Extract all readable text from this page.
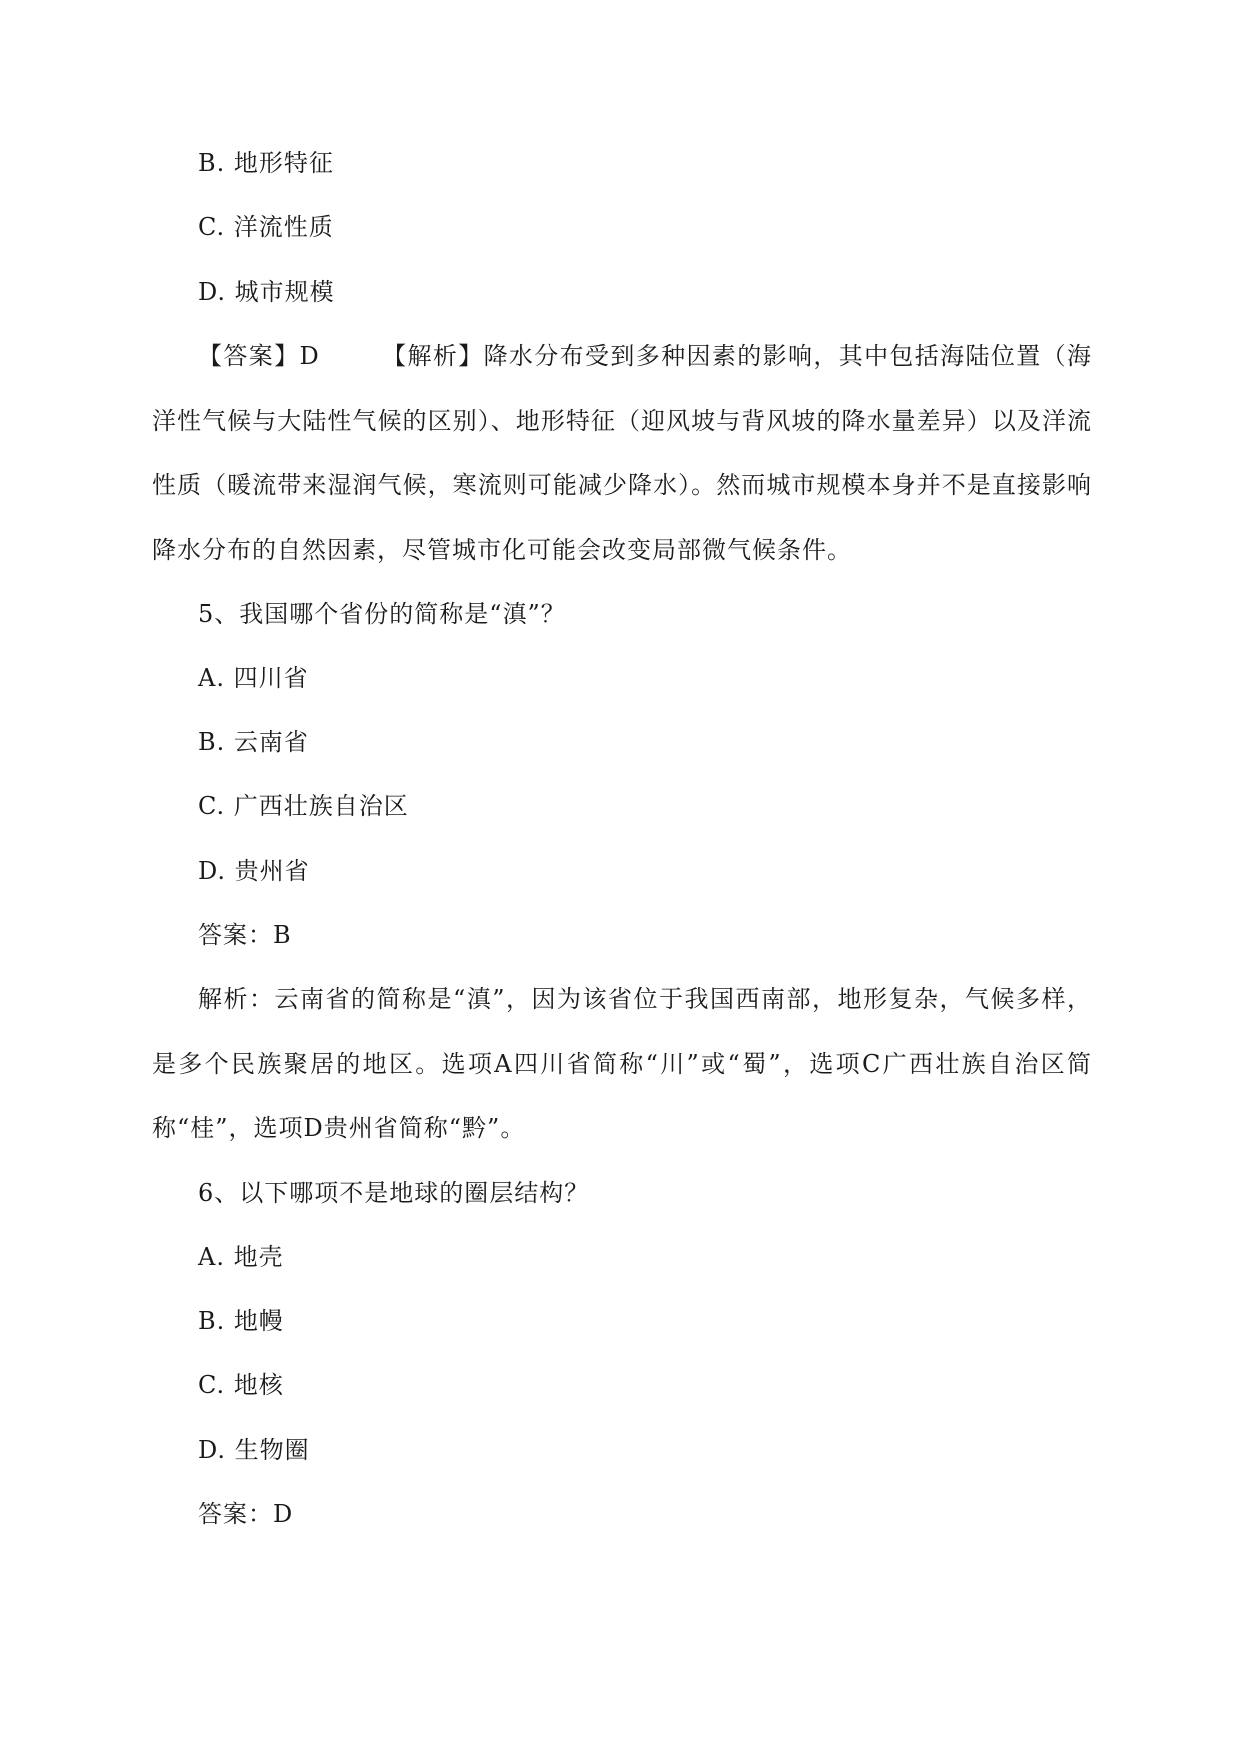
B. 地形特征
C. 洋流性质
D. 城市规模
【答案】D	【解析】降水分布受到多种因素的影响，其中包括海陆位置（海洋性气候与大陆性气候的区别）、地形特征（迎风坡与背风坡的降水量差异）以及洋流性质（暖流带来湿润气候，寒流则可能减少降水）。然而城市规模本身并不是直接影响降水分布的自然因素，尽管城市化可能会改变局部微气候条件。
5、我国哪个省份的简称是“滇”？
A. 四川省
B. 云南省
C. 广西壮族自治区
D. 贵州省
答案：B
解析：云南省的简称是“滇”，因为该省位于我国西南部，地形复杂，气候多样，是多个民族聚居的地区。选项A四川省简称“川”或“蜀”，选项C广西壮族自治区简称“桂”，选项D贵州省简称“黔”。
6、以下哪项不是地球的圈层结构？
A. 地壳
B. 地幔
C. 地核
D. 生物圈
答案：D
